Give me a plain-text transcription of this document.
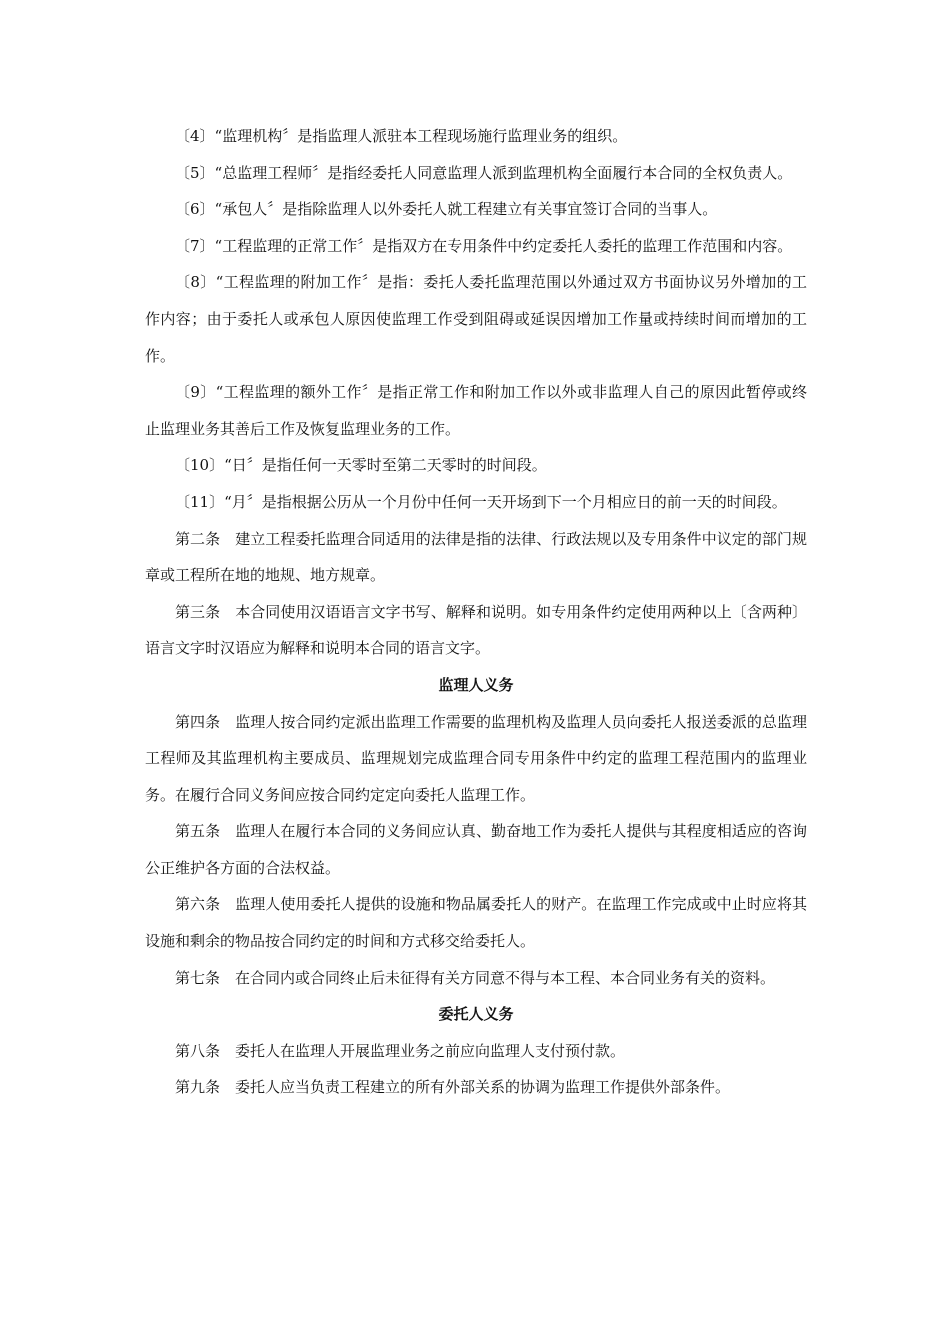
〔4〕“监理机构〞是指监理人派驻本工程现场施行监理业务的组织。

〔5〕“总监理工程师〞是指经委托人同意监理人派到监理机构全面履行本合同的全权负责人。

〔6〕“承包人〞是指除监理人以外委托人就工程建立有关事宜签订合同的当事人。

〔7〕“工程监理的正常工作〞是指双方在专用条件中约定委托人委托的监理工作范围和内容。

〔8〕“工程监理的附加工作〞是指：委托人委托监理范围以外通过双方书面协议另外增加的工作内容；由于委托人或承包人原因使监理工作受到阻碍或延误因增加工作量或持续时间而增加的工作。

〔9〕“工程监理的额外工作〞是指正常工作和附加工作以外或非监理人自己的原因此暂停或终止监理业务其善后工作及恢复监理业务的工作。

〔10〕“日〞是指任何一天零时至第二天零时的时间段。

〔11〕“月〞是指根据公历从一个月份中任何一天开场到下一个月相应日的前一天的时间段。

第二条　建立工程委托监理合同适用的法律是指的法律、行政法规以及专用条件中议定的部门规章或工程所在地的地规、地方规章。

第三条　本合同使用汉语语言文字书写、解释和说明。如专用条件约定使用两种以上〔含两种〕语言文字时汉语应为解释和说明本合同的语言文字。

监理人义务

第四条　监理人按合同约定派出监理工作需要的监理机构及监理人员向委托人报送委派的总监理工程师及其监理机构主要成员、监理规划完成监理合同专用条件中约定的监理工程范围内的监理业务。在履行合同义务间应按合同约定定向委托人监理工作。

第五条　监理人在履行本合同的义务间应认真、勤奋地工作为委托人提供与其程度相适应的咨询公正维护各方面的合法权益。

第六条　监理人使用委托人提供的设施和物品属委托人的财产。在监理工作完成或中止时应将其设施和剩余的物品按合同约定的时间和方式移交给委托人。

第七条　在合同内或合同终止后未征得有关方同意不得与本工程、本合同业务有关的资料。

委托人义务

第八条　委托人在监理人开展监理业务之前应向监理人支付预付款。

第九条　委托人应当负责工程建立的所有外部关系的协调为监理工作提供外部条件。
